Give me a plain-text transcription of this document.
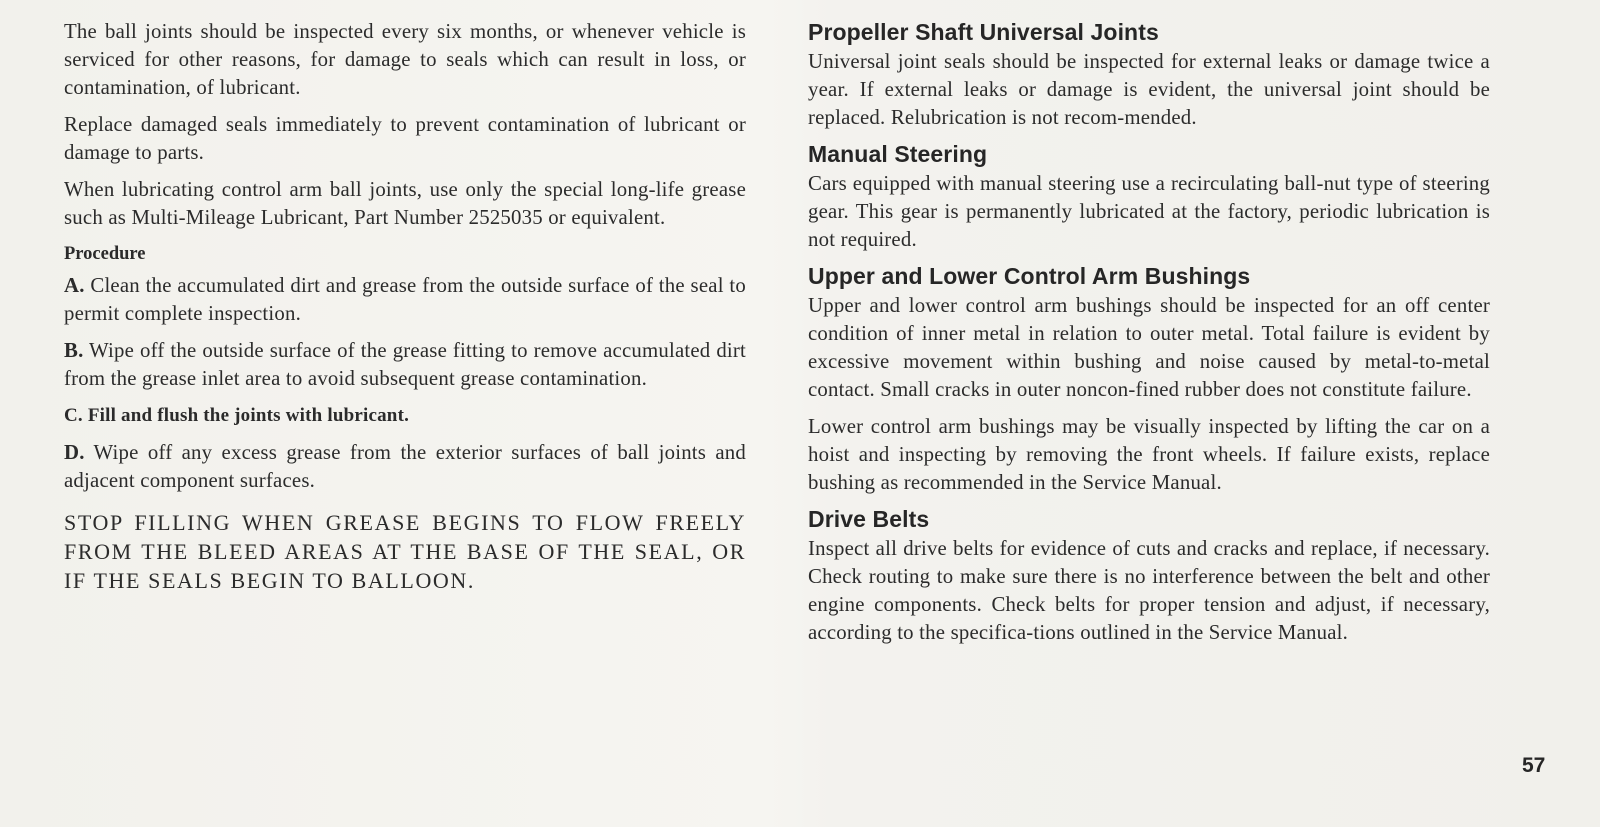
The ball joints should be inspected every six months, or whenever vehicle is serviced for other reasons, for damage to seals which can result in loss, or contamination, of lubricant.

Replace damaged seals immediately to prevent contamination of lubricant or damage to parts.

When lubricating control arm ball joints, use only the special long-life grease such as Multi-Mileage Lubricant, Part Number 2525035 or equivalent.

Procedure

A. Clean the accumulated dirt and grease from the outside surface of the seal to permit complete inspection.

B. Wipe off the outside surface of the grease fitting to remove accumulated dirt from the grease inlet area to avoid subsequent grease contamination.

C. Fill and flush the joints with lubricant.

D. Wipe off any excess grease from the exterior surfaces of ball joints and adjacent component surfaces.

STOP FILLING WHEN GREASE BEGINS TO FLOW FREELY FROM THE BLEED AREAS AT THE BASE OF THE SEAL, OR IF THE SEALS BEGIN TO BALLOON.

Propeller Shaft Universal Joints

Universal joint seals should be inspected for external leaks or damage twice a year. If external leaks or damage is evident, the universal joint should be replaced. Relubrication is not recom-mended.

Manual Steering

Cars equipped with manual steering use a recirculating ball-nut type of steering gear. This gear is permanently lubricated at the factory, periodic lubrication is not required.

Upper and Lower Control Arm Bushings

Upper and lower control arm bushings should be inspected for an off center condition of inner metal in relation to outer metal. Total failure is evident by excessive movement within bushing and noise caused by metal-to-metal contact. Small cracks in outer noncon-fined rubber does not constitute failure.

Lower control arm bushings may be visually inspected by lifting the car on a hoist and inspecting by removing the front wheels. If failure exists, replace bushing as recommended in the Service Manual.

Drive Belts

Inspect all drive belts for evidence of cuts and cracks and replace, if necessary. Check routing to make sure there is no interference between the belt and other engine components. Check belts for proper tension and adjust, if necessary, according to the specifica-tions outlined in the Service Manual.

57
